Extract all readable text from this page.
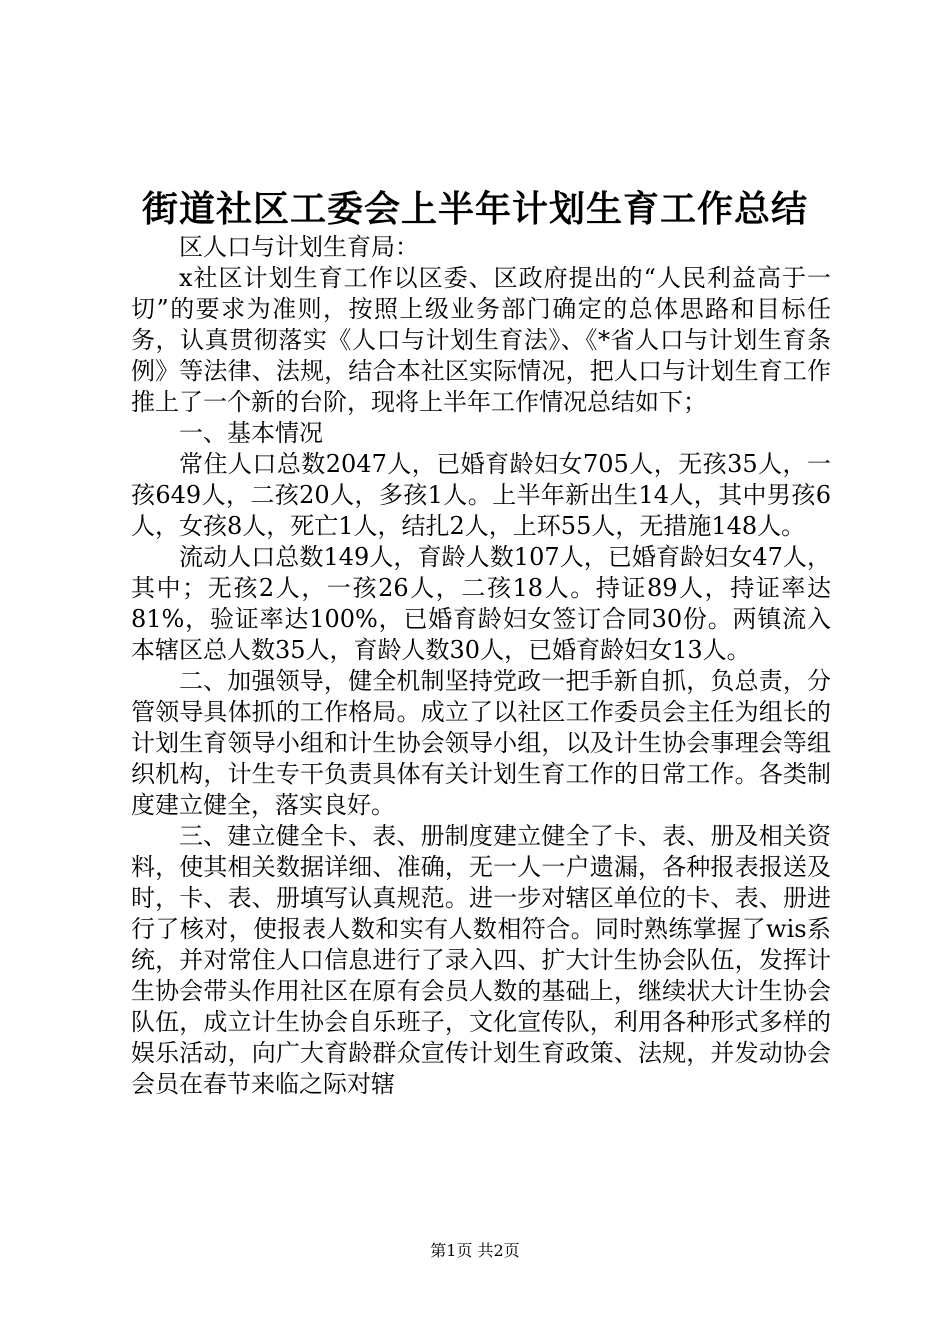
街道社区工委会上半年计划生育工作总结

区人口与计划生育局：

x社区计划生育工作以区委、区政府提出的“人民利益高于一切”的要求为准则，按照上级业务部门确定的总体思路和目标任务，认真贯彻落实《人口与计划生育法》、《*省人口与计划生育条例》等法律、法规，结合本社区实际情况，把人口与计划生育工作推上了一个新的台阶，现将上半年工作情况总结如下；

一、基本情况

常住人口总数2047人，已婚育龄妇女705人，无孩35人，一孩649人，二孩20人，多孩1人。上半年新出生14人，其中男孩6人，女孩8人，死亡1人，结扎2人，上环55人，无措施148人。

流动人口总数149人，育龄人数107人，已婚育龄妇女47人，其中；无孩2人，一孩26人，二孩18人。持证89人，持证率达81%，验证率达100%，已婚育龄妇女签订合同30份。两镇流入本辖区总人数35人，育龄人数30人，已婚育龄妇女13人。

二、加强领导，健全机制坚持党政一把手新自抓，负总责，分管领导具体抓的工作格局。成立了以社区工作委员会主任为组长的计划生育领导小组和计生协会领导小组，以及计生协会事理会等组织机构，计生专干负责具体有关计划生育工作的日常工作。各类制度建立健全，落实良好。

三、建立健全卡、表、册制度建立健全了卡、表、册及相关资料，使其相关数据详细、准确，无一人一户遗漏，各种报表报送及时，卡、表、册填写认真规范。进一步对辖区单位的卡、表、册进行了核对，使报表人数和实有人数相符合。同时熟练掌握了wis系统，并对常住人口信息进行了录入四、扩大计生协会队伍，发挥计生协会带头作用社区在原有会员人数的基础上，继续状大计生协会队伍，成立计生协会自乐班子，文化宣传队，利用各种形式多样的娱乐活动，向广大育龄群众宣传计划生育政策、法规，并发动协会会员在春节来临之际对辖

第1页 共2页
